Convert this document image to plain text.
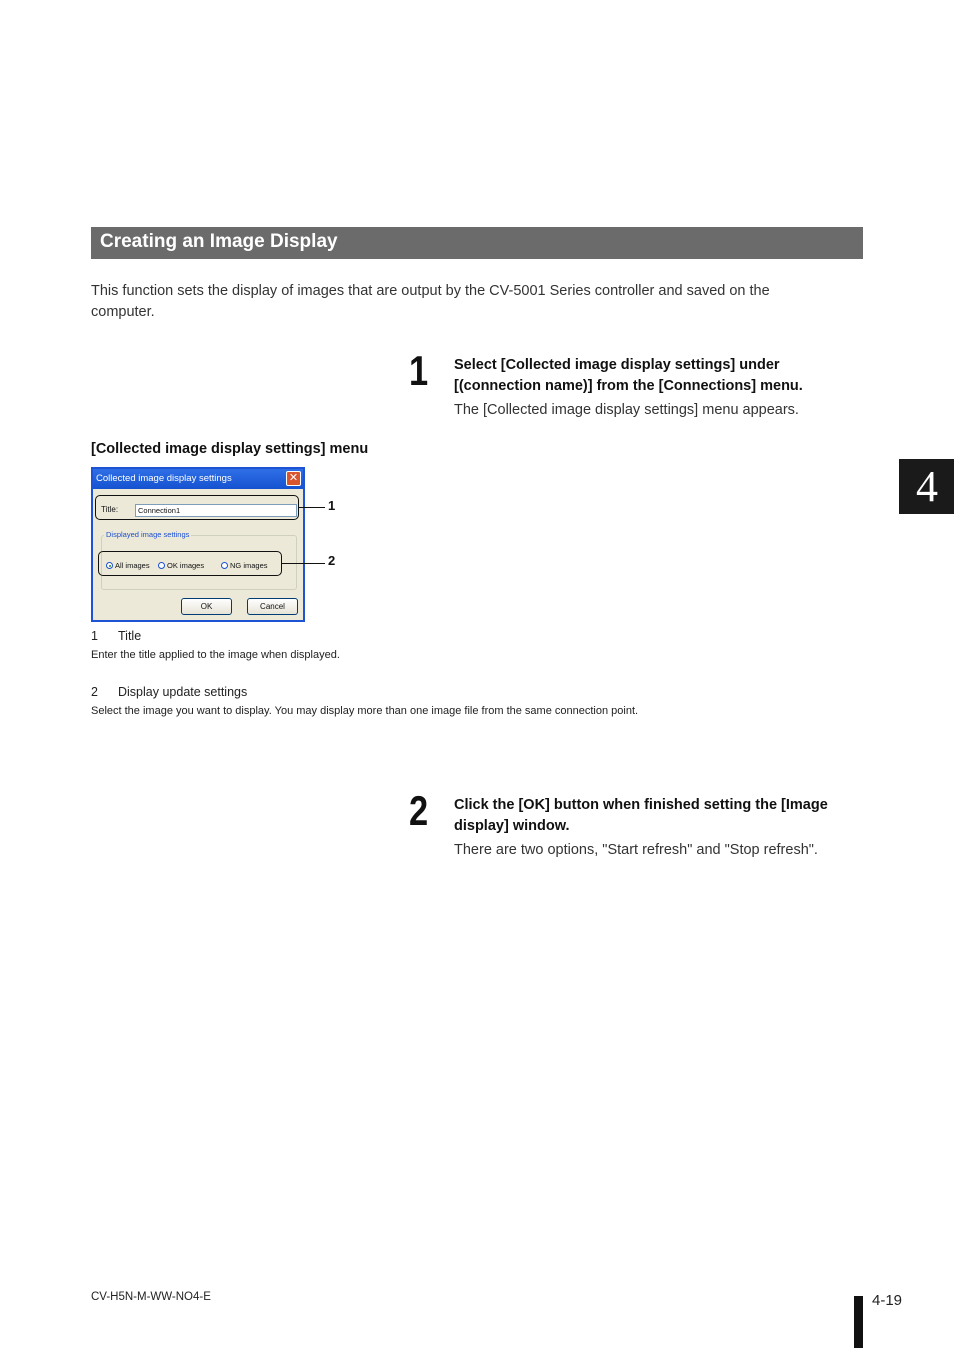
Creating an Image Display
This function sets the display of images that are output by the CV-5001 Series controller and saved on the computer.
1 Select [Collected image display settings] under [(connection name)] from the [Connections] menu.
The [Collected image display settings] menu appears.
[Collected image display settings] menu
Collected image display settings	✕
Title:	Connection1
Displayed image settings
All images	OK images	NG images
OK	Cancel
1
2
1 Title
Enter the title applied to the image when displayed.
2 Display update settings
Select the image you want to display. You may display more than one image file from the same connection point.
2 Click the [OK] button when finished setting the [Image display] window.
There are two options, "Start refresh" and "Stop refresh".
4
CV-H5N-M-WW-NO4-E	4-19
